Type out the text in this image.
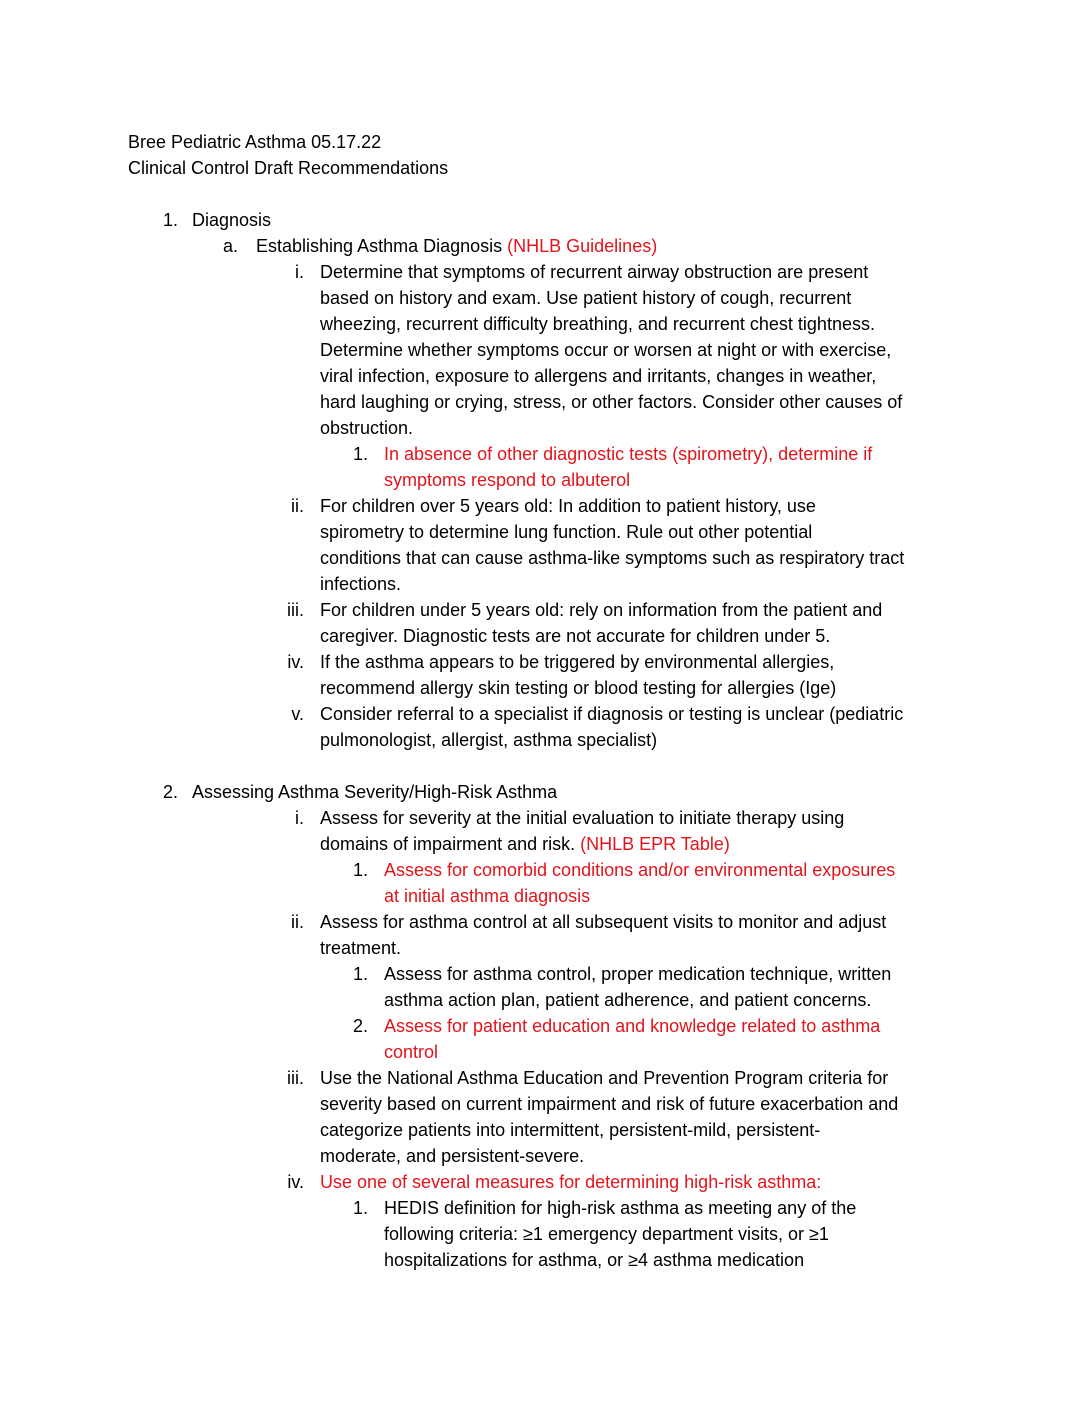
Bree Pediatric Asthma 05.17.22
Clinical Control Draft Recommendations
1. Diagnosis
a. Establishing Asthma Diagnosis (NHLB Guidelines)
i. Determine that symptoms of recurrent airway obstruction are present
based on history and exam. Use patient history of cough, recurrent
wheezing, recurrent difficulty breathing, and recurrent chest tightness.
Determine whether symptoms occur or worsen at night or with exercise,
viral infection, exposure to allergens and irritants, changes in weather,
hard laughing or crying, stress, or other factors. Consider other causes of
obstruction.
1. In absence of other diagnostic tests (spirometry), determine if
symptoms respond to albuterol
ii. For children over 5 years old: In addition to patient history, use
spirometry to determine lung function. Rule out other potential
conditions that can cause asthma-like symptoms such as respiratory tract
infections.
iii. For children under 5 years old: rely on information from the patient and
caregiver. Diagnostic tests are not accurate for children under 5.
iv. If the asthma appears to be triggered by environmental allergies,
recommend allergy skin testing or blood testing for allergies (Ige)
v. Consider referral to a specialist if diagnosis or testing is unclear (pediatric
pulmonologist, allergist, asthma specialist)
2. Assessing Asthma Severity/High-Risk Asthma
i. Assess for severity at the initial evaluation to initiate therapy using
domains of impairment and risk. (NHLB EPR Table)
1. Assess for comorbid conditions and/or environmental exposures
at initial asthma diagnosis
ii. Assess for asthma control at all subsequent visits to monitor and adjust
treatment.
1. Assess for asthma control, proper medication technique, written
asthma action plan, patient adherence, and patient concerns.
2. Assess for patient education and knowledge related to asthma
control
iii. Use the National Asthma Education and Prevention Program criteria for
severity based on current impairment and risk of future exacerbation and
categorize patients into intermittent, persistent-mild, persistent-
moderate, and persistent-severe.
iv. Use one of several measures for determining high-risk asthma:
1. HEDIS definition for high-risk asthma as meeting any of the
following criteria: ≥1 emergency department visits, or ≥1
hospitalizations for asthma, or ≥4 asthma medication
